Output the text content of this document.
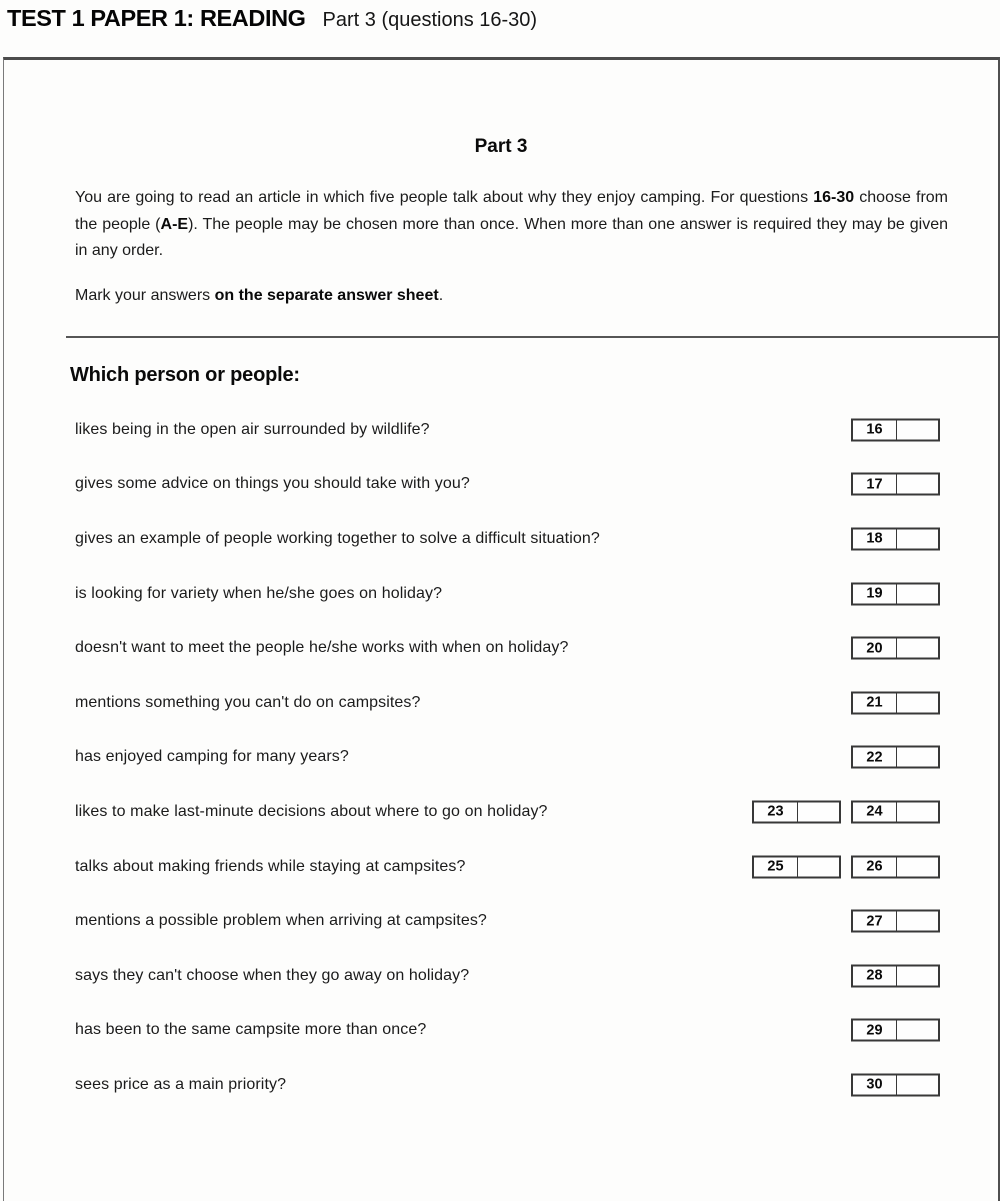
TEST 1 PAPER 1: READING Part 3 (questions 16-30)
Part 3

You are going to read an article in which five people talk about why they enjoy camping. For questions 16-30 choose from the people (A-E). The people may be chosen more than once. When more than one answer is required they may be given in any order.

Mark your answers on the separate answer sheet.

Which person or people:
likes being in the open air surrounded by wildlife?	16
gives some advice on things you should take with you?	17
gives an example of people working together to solve a difficult situation?	18
is looking for variety when he/she goes on holiday?	19
doesn't want to meet the people he/she works with when on holiday?	20
mentions something you can't do on campsites?	21
has enjoyed camping for many years?	22
likes to make last-minute decisions about where to go on holiday?	23	24
talks about making friends while staying at campsites?	25	26
mentions a possible problem when arriving at campsites?	27
says they can't choose when they go away on holiday?	28
has been to the same campsite more than once?	29
sees price as a main priority?	30
